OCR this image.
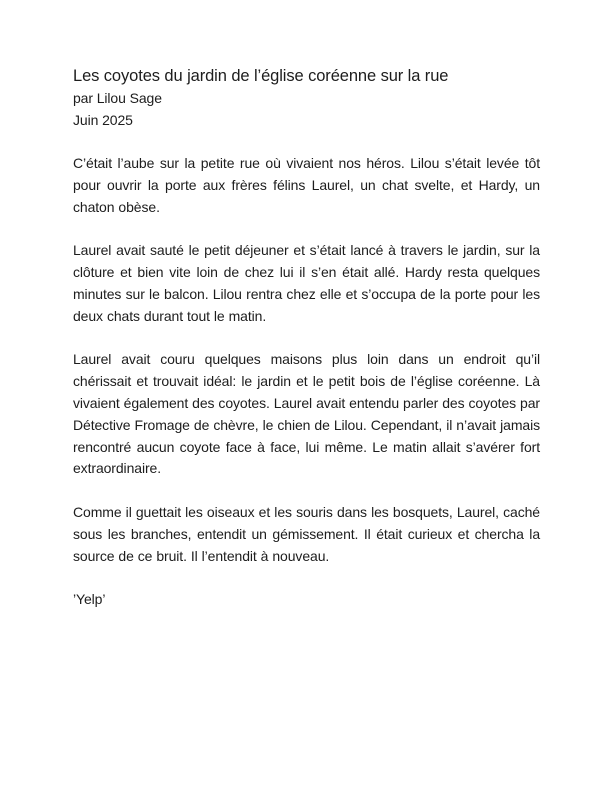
Les coyotes du jardin de l’église coréenne sur la rue

par Lilou Sage

Juin 2025

C’était l’aube sur la petite rue où vivaient nos héros. Lilou s’était levée tôt pour ouvrir la porte aux frères félins Laurel, un chat svelte, et Hardy, un chaton obèse.

Laurel avait sauté le petit déjeuner et s’était lancé à travers le jardin, sur la clôture et bien vite loin de chez lui il s’en était allé. Hardy resta quelques minutes sur le balcon. Lilou rentra chez elle et s’occupa de la porte pour les deux chats durant tout le matin.

Laurel avait couru quelques maisons plus loin dans un endroit qu’il chérissait et trouvait idéal: le jardin et le petit bois de l’église coréenne. Là vivaient également des coyotes. Laurel avait entendu parler des coyotes par Détective Fromage de chèvre, le chien de Lilou. Cependant, il n’avait jamais rencontré aucun coyote face à face, lui même. Le matin allait s’avérer fort extraordinaire.

Comme il guettait les oiseaux et les souris dans les bosquets, Laurel, caché sous les branches, entendit un gémissement. Il était curieux et chercha la source de ce bruit. Il l’entendit à nouveau.

’Yelp’
